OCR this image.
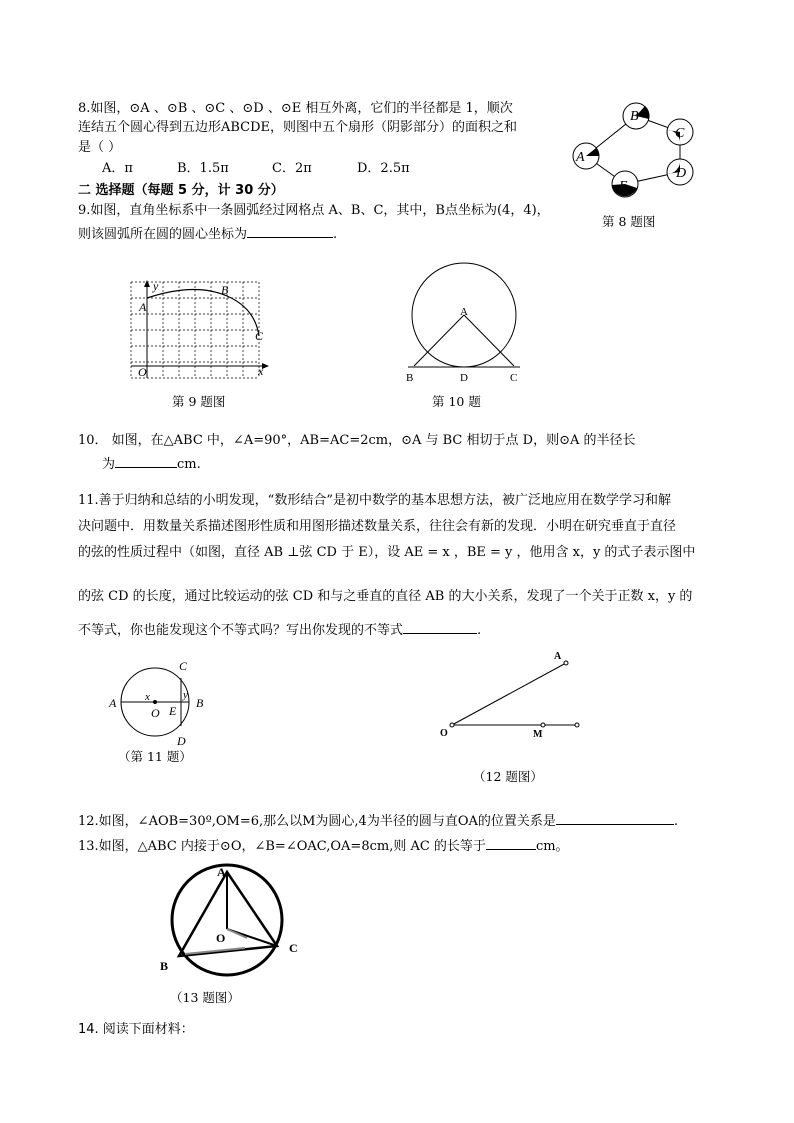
8.如图，⊙A 、⊙B 、⊙C 、⊙D 、⊙E 相互外离，它们的半径都是 1，顺次
连结五个圆心得到五边形ABCDE，则图中五个扇形（阴影部分）的面积之和
是（ ）
A．π	B．1.5π	C．2π	D．2.5π
A
B
C
D
E
第 8 题图
二 选择题（每题 5 分，计 30 分）
9.如图，直角坐标系中一条圆弧经过网格点 A、B、C，其中，B点坐标为(4，4)，
则该圆弧所在圆的圆心坐标为	.
y
A
B
C
O	x
第 9 题图
A
B	D	C
第 10 题
10． 如图，在△ABC 中，∠A=90°，AB=AC=2cm，⊙A 与 BC 相切于点 D，则⊙A 的半径长
为	cm.
11.善于归纳和总结的小明发现，“数形结合”是初中数学的基本思想方法，被广泛地应用在数学学习和解
决问题中．用数量关系描述图形性质和用图形描述数量关系，往往会有新的发现．小明在研究垂直于直径
的弦的性质过程中（如图，直径 AB ⊥弦 CD 于 E），设 AE = x ，BE = y ，他用含 x，y 的式子表示图中
的弦 CD 的长度，通过比较运动的弦 CD 和与之垂直的直径 AB 的大小关系，发现了一个关于正数 x，y 的
不等式，你也能发现这个不等式吗？写出你发现的不等式	.
C
A	x
O
y
E
B
D
（第 11 题）
A
O	M
（12 题图）
12.如图，∠AOB=30º,OM=6,那么以M为圆心,4为半径的圆与直OA的位置关系是	.
13.如图，△ABC 内接于⊙O，∠B=∠OAC,OA=8cm,则 AC 的长等于	cm。
A
O
B
C
（13 题图）
14. 阅读下面材料：
